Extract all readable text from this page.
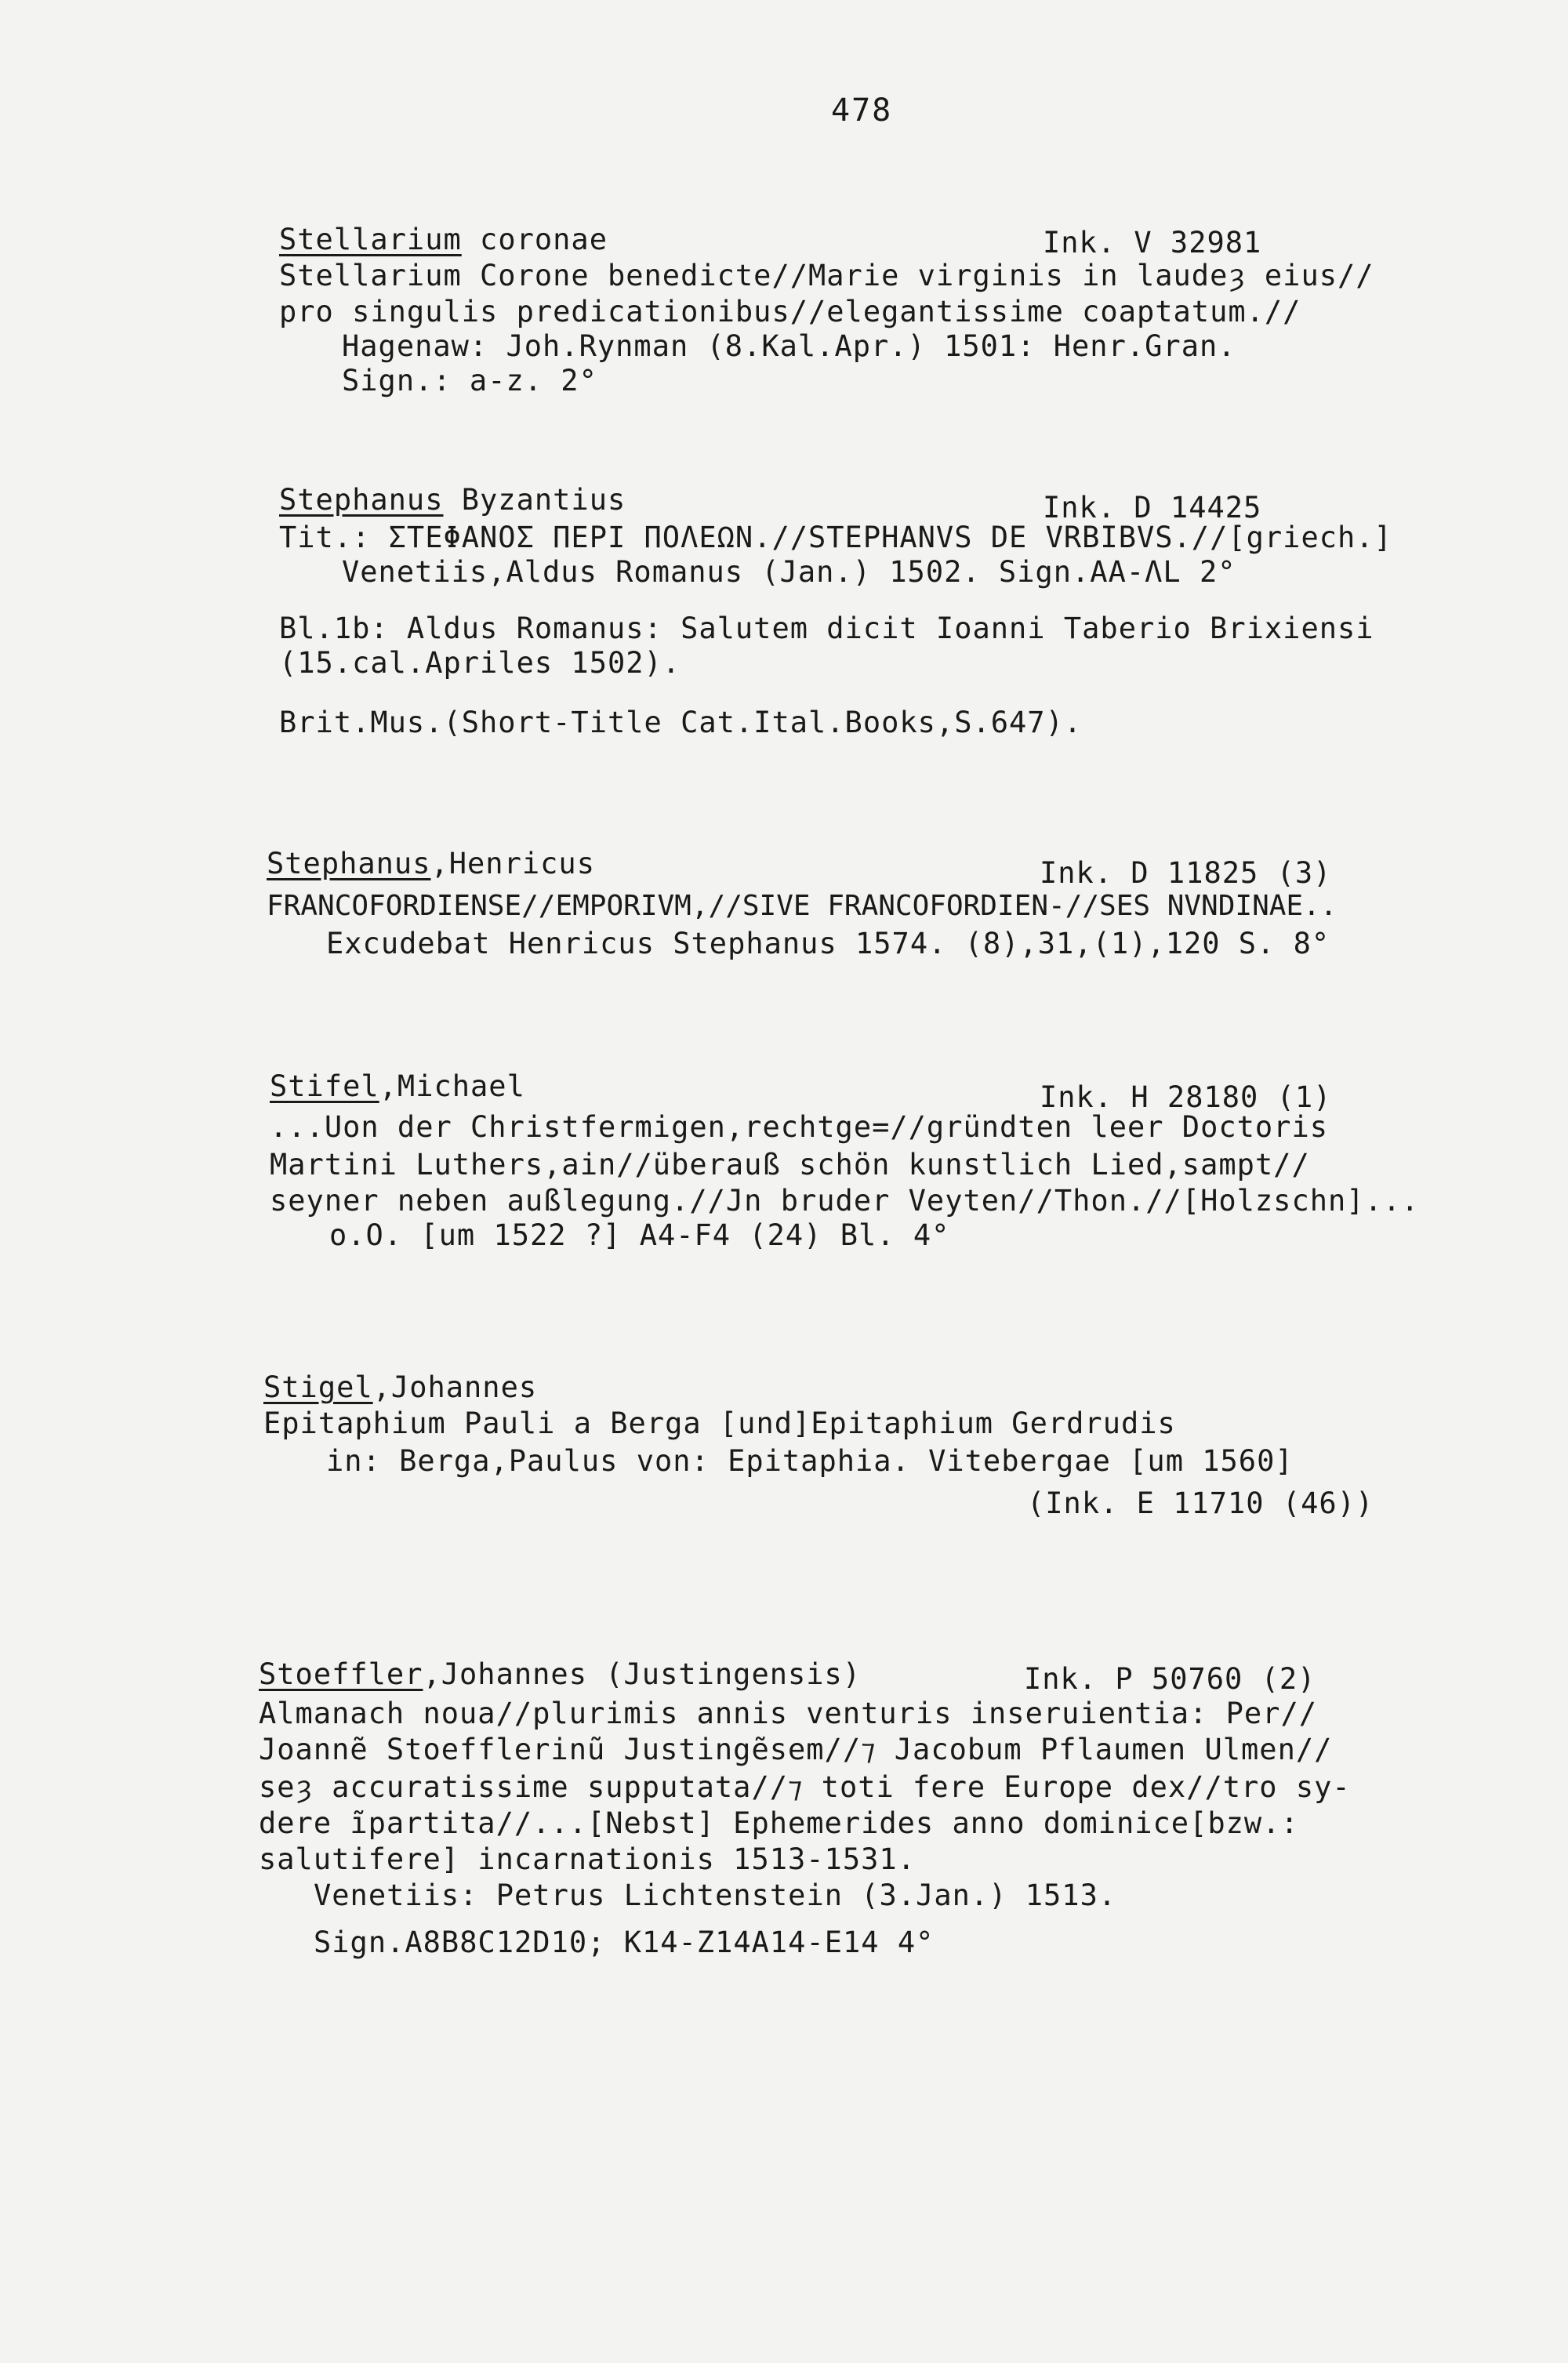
478
Stellarium coronae	Ink. V 32981
Stellarium Corone benedicte//Marie virginis in laudeȝ eius//
pro singulis predicationibus//elegantissime coaptatum.//
Hagenaw: Joh.Rynman (8.Kal.Apr.) 1501: Henr.Gran.
Sign.: a-z. 2°
Stephanus Byzantius	Ink. D 14425
Tit.: ΣΤΕΦΑΝΟΣ ΠΕΡΙ ΠΟΛΕΩΝ.//STEPHANVS DE VRBIBVS.//[griech.]
Venetiis,Aldus Romanus (Jan.) 1502. Sign.AA-ΛL 2°
Bl.1b: Aldus Romanus: Salutem dicit Ioanni Taberio Brixiensi
(15.cal.Apriles 1502).
Brit.Mus.(Short-Title Cat.Ital.Books,S.647).
Stephanus,Henricus	Ink. D 11825 (3)
FRANCOFORDIENSE//EMPORIVM,//SIVE FRANCOFORDIEN-//SES NVNDINAE..
Excudebat Henricus Stephanus 1574. (8),31,(1),120 S. 8°
Stifel,Michael	Ink. H 28180 (1)
...Uon der Christfermigen,rechtge=//gründten leer Doctoris
Martini Luthers,ain//überauß schön kunstlich Lied,sampt//
seyner neben außlegung.//Jn bruder Veyten//Thon.//[Holzschn]...
o.O. [um 1522 ?] A4-F4 (24) Bl. 4°
Stigel,Johannes
Epitaphium Pauli a Berga [und]Epitaphium Gerdrudis
in: Berga,Paulus von: Epitaphia. Vitebergae [um 1560]
(Ink. E 11710 (46))
Stoeffler,Johannes (Justingensis)	Ink. P 50760 (2)
Almanach noua//plurimis annis venturis inseruientia: Per//
Joannẽ Stoefflerinũ Justingẽsem//⁊ Jacobum Pflaumen Ulmen//
seȝ accuratissime supputata//⁊ toti fere Europe dex//tro sy-
dere ĩpartita//...[Nebst] Ephemerides anno dominice[bzw.:
salutifere] incarnationis 1513-1531.
Venetiis: Petrus Lichtenstein (3.Jan.) 1513.
Sign.A8B8C12D10; K14-Z14A14-E14 4°
